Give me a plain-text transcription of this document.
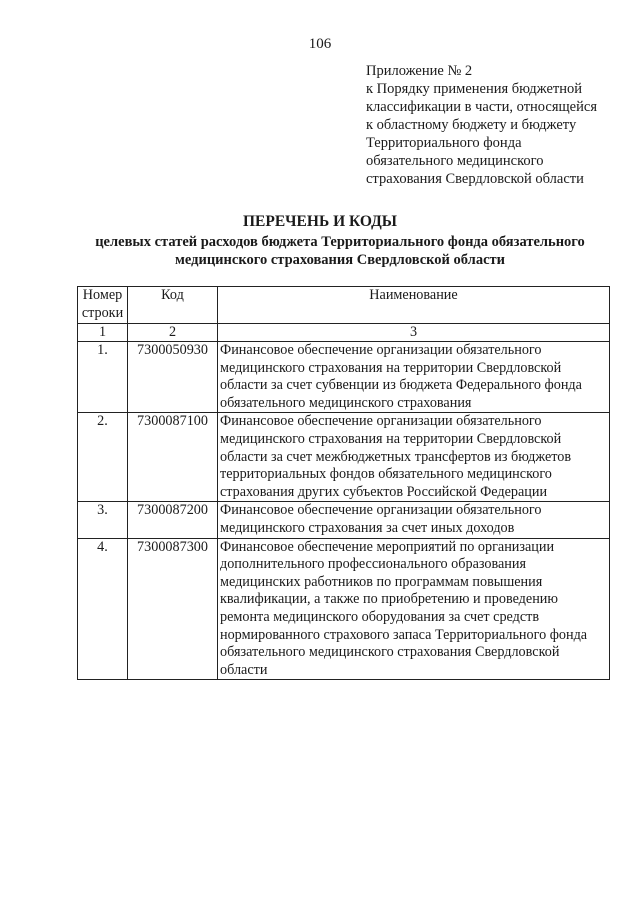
106
Приложение № 2
к Порядку применения бюджетной
классификации в части, относящейся
к областному бюджету и бюджету
Территориального фонда
обязательного медицинского
страхования Свердловской области
ПЕРЕЧЕНЬ И КОДЫ
целевых статей расходов бюджета Территориального фонда обязательного
медицинского страхования Свердловской области
Номер строки	Код	Наименование
1	2	3
1.	7300050930	Финансовое обеспечение организации обязательного медицинского страхования на территории Свердловской области за счет субвенции из бюджета Федерального фонда обязательного медицинского страхования
2.	7300087100	Финансовое обеспечение организации обязательного медицинского страхования на территории Свердловской области за счет межбюджетных трансфертов из бюджетов территориальных фондов обязательного медицинского страхования других субъектов Российской Федерации
3.	7300087200	Финансовое обеспечение организации обязательного медицинского страхования за счет иных доходов
4.	7300087300	Финансовое обеспечение мероприятий по организации дополнительного профессионального образования медицинских работников по программам повышения квалификации, а также по приобретению и проведению ремонта медицинского оборудования за счет средств нормированного страхового запаса Территориального фонда обязательного медицинского страхования Свердловской области
